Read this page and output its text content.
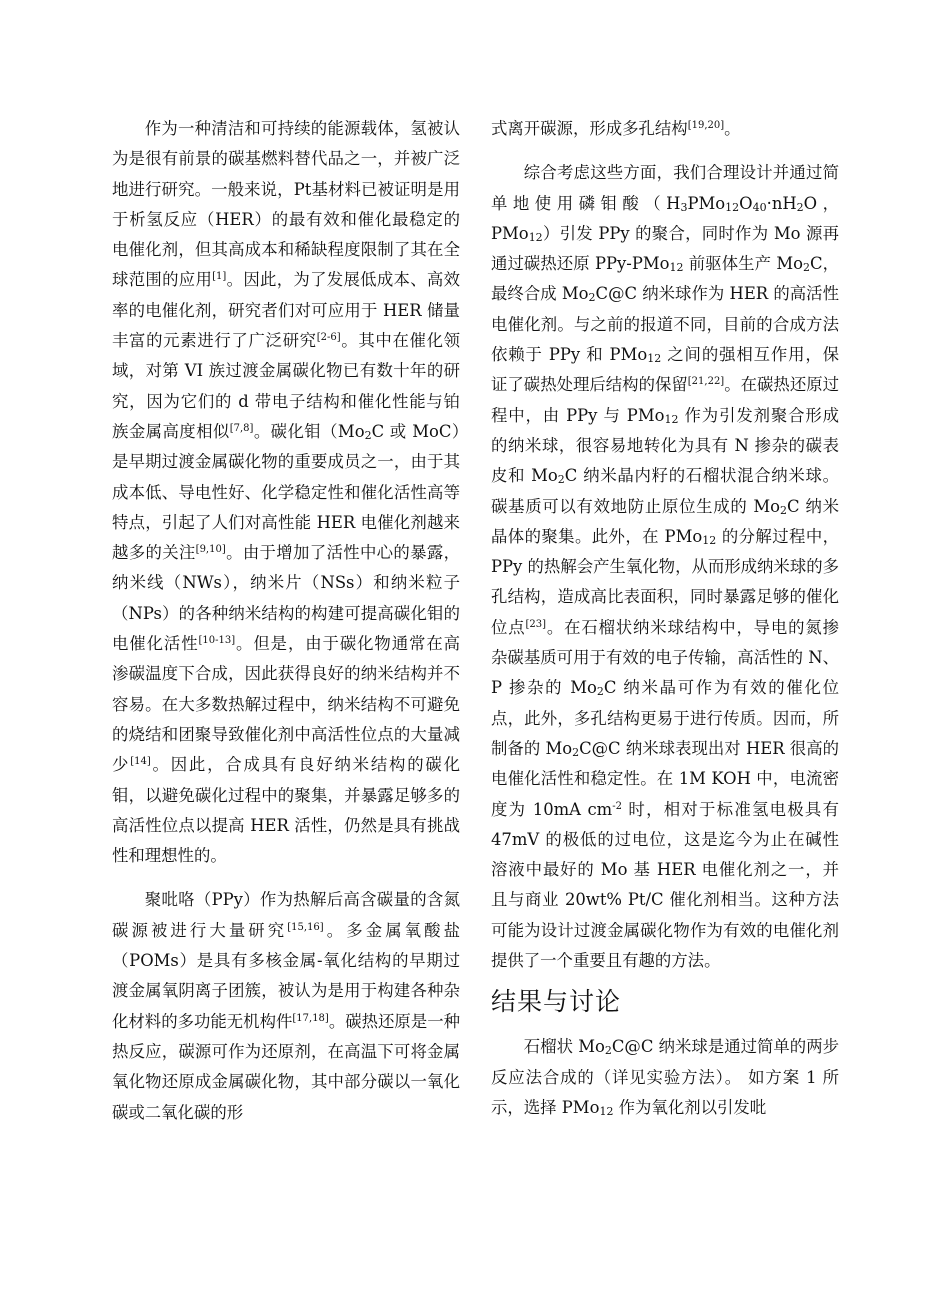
作为一种清洁和可持续的能源载体，氢被认为是很有前景的碳基燃料替代品之一，并被广泛地进行研究。一般来说，Pt基材料已被证明是用于析氢反应（HER）的最有效和催化最稳定的电催化剂，但其高成本和稀缺程度限制了其在全球范围的应用[1]。因此，为了发展低成本、高效率的电催化剂，研究者们对可应用于 HER 储量丰富的元素进行了广泛研究[2-6]。其中在催化领域，对第 VI 族过渡金属碳化物已有数十年的研究，因为它们的 d 带电子结构和催化性能与铂族金属高度相似[7,8]。碳化钼（$Mo_2C$ 或 MoC）是早期过渡金属碳化物的重要成员之一，由于其成本低、导电性好、化学稳定性和催化活性高等特点，引起了人们对高性能 HER 电催化剂越来越多的关注[9,10]。由于增加了活性中心的暴露，纳米线（NWs），纳米片（NSs）和纳米粒子（NPs）的各种纳米结构的构建可提高碳化钼的电催化活性[10-13]。但是，由于碳化物通常在高渗碳温度下合成，因此获得良好的纳米结构并不容易。在大多数热解过程中，纳米结构不可避免的烧结和团聚导致催化剂中高活性位点的大量减少[14]。因此，合成具有良好纳米结构的碳化钼，以避免碳化过程中的聚集，并暴露足够多的高活性位点以提高 HER 活性，仍然是具有挑战性和理想性的。

聚吡咯（PPy）作为热解后高含碳量的含氮碳源被进行大量研究[15,16]。多金属氧酸盐（POMs）是具有多核金属-氧化结构的早期过渡金属氧阴离子团簇，被认为是用于构建各种杂化材料的多功能无机构件[17,18]。碳热还原是一种热反应，碳源可作为还原剂，在高温下可将金属氧化物还原成金属碳化物，其中部分碳以一氧化碳或二氧化碳的形

式离开碳源，形成多孔结构[19,20]。

综合考虑这些方面，我们合理设计并通过简单地使用磷钼酸（$H_3PMo_{12}O_{40}\cdot nH_2O$，PMo$_{12}$）引发 PPy 的聚合，同时作为 Mo 源再通过碳热还原 PPy-PMo$_{12}$ 前驱体生产 $Mo_2C$，最终合成 $Mo_2C@C$ 纳米球作为 HER 的高活性电催化剂。与之前的报道不同，目前的合成方法依赖于 PPy 和 PMo$_{12}$ 之间的强相互作用，保证了碳热处理后结构的保留[21,22]。在碳热还原过程中，由 PPy 与 PMo$_{12}$ 作为引发剂聚合形成的纳米球，很容易地转化为具有 N 掺杂的碳表皮和 $Mo_2C$ 纳米晶内籽的石榴状混合纳米球。碳基质可以有效地防止原位生成的 $Mo_2C$ 纳米晶体的聚集。此外，在 PMo$_{12}$ 的分解过程中，PPy 的热解会产生氧化物，从而形成纳米球的多孔结构，造成高比表面积，同时暴露足够的催化位点[23]。在石榴状纳米球结构中，导电的氮掺杂碳基质可用于有效的电子传输，高活性的 N、P 掺杂的 $Mo_2C$ 纳米晶可作为有效的催化位点，此外，多孔结构更易于进行传质。因而，所制备的 $Mo_2C@C$ 纳米球表现出对 HER 很高的电催化活性和稳定性。在 1M KOH 中，电流密度为 10mA $cm^{-2}$ 时，相对于标准氢电极具有 47mV 的极低的过电位，这是迄今为止在碱性溶液中最好的 Mo 基 HER 电催化剂之一，并且与商业 20wt% Pt/C 催化剂相当。这种方法可能为设计过渡金属碳化物作为有效的电催化剂提供了一个重要且有趣的方法。

结果与讨论

石榴状 $Mo_2C@C$ 纳米球是通过简单的两步反应法合成的（详见实验方法）。 如方案 1 所示，选择 PMo$_{12}$ 作为氧化剂以引发吡
